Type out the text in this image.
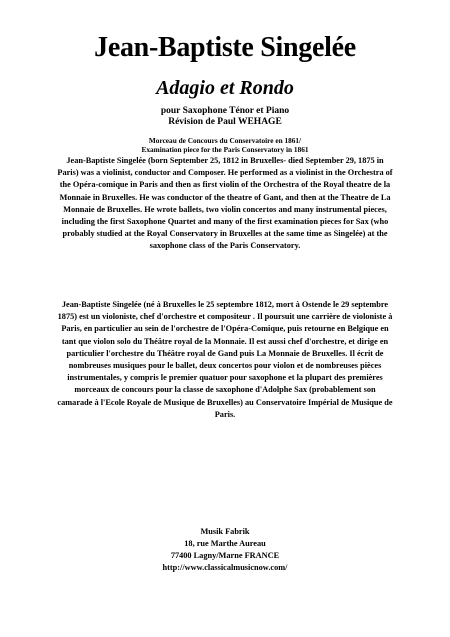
Jean-Baptiste Singelée
Adagio et Rondo
pour Saxophone Ténor et Piano
Révision de Paul WEHAGE
Morceau de Concours du Conservatoire en 1861/
Examination piece for the Paris Conservatory in 1861

Jean-Baptiste Singelée (born September 25, 1812 in Bruxelles- died September 29, 1875 in Paris) was a violinist, conductor and Composer. He performed as a violinist in the Orchestra of the Opéra-comique in Paris and then as first violin of the Orchestra of the Royal theatre de la Monnaie in Bruxelles. He was conductor of the theatre of Gant, and then at the Theatre de La Monnaie de Bruxelles. He wrote ballets, two violin concertos and many instrumental pieces, including the first Saxophone Quartet and many of the first examination pieces for Sax (who probably studied at the Royal Conservatory in Bruxelles at the same time as Singelée) at the saxophone class of the Paris Conservatory.

Jean-Baptiste Singelée (né à Bruxelles le 25 septembre 1812, mort à Ostende le 29 septembre 1875) est un violoniste, chef d'orchestre et compositeur . Il poursuit une carrière de violoniste à Paris, en particulier au sein de l'orchestre de l'Opéra-Comique, puis retourne en Belgique en tant que violon solo du Théâtre royal de la Monnaie. Il est aussi chef d'orchestre, et dirige en particulier l'orchestre du Théâtre royal de Gand puis La Monnaie de Bruxelles. Il écrit de nombreuses musiques pour le ballet, deux concertos pour violon et de nombreuses pièces instrumentales, y compris le premier quatuor pour saxophone et la plupart des premières morceaux de concours pour la classe de saxophone d'Adolphe Sax (probablement son camarade à l'Ecole Royale de Musique de Bruxelles) au Conservatoire Impérial de Musique de Paris.

Musik Fabrik
18, rue Marthe Aureau
77400 Lagny/Marne FRANCE
http://www.classicalmusicnow.com/
